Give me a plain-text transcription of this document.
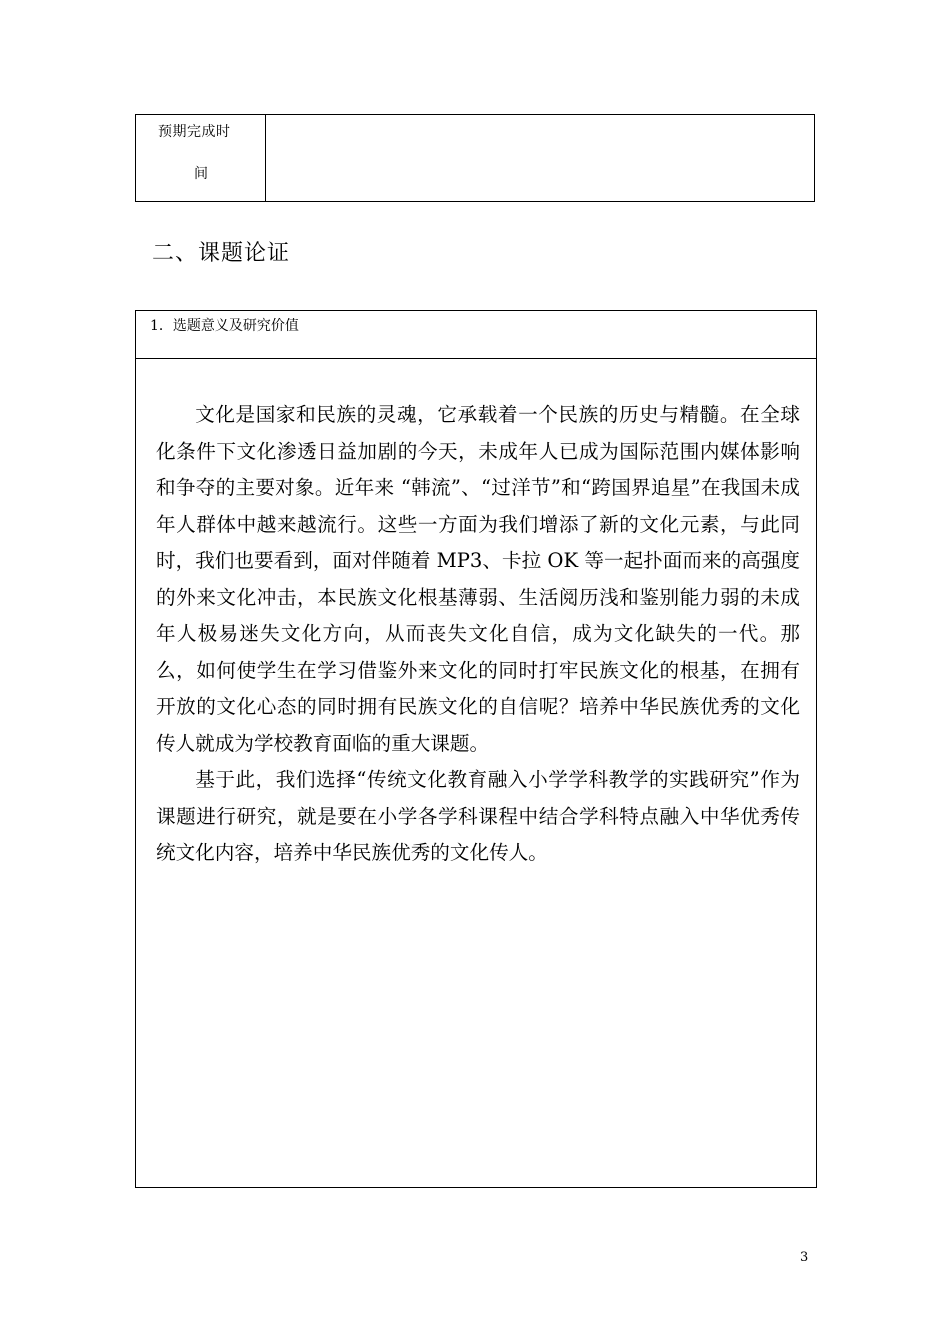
预期完成时
间
二、课题论证
1．选题意义及研究价值

文化是国家和民族的灵魂，它承载着一个民族的历史与精髓。在全球化条件下文化渗透日益加剧的今天，未成年人已成为国际范围内媒体影响和争夺的主要对象。近年来 “韩流”、“过洋节”和“跨国界追星”在我国未成年人群体中越来越流行。这些一方面为我们增添了新的文化元素，与此同时，我们也要看到，面对伴随着 MP3、卡拉 OK 等一起扑面而来的高强度的外来文化冲击，本民族文化根基薄弱、生活阅历浅和鉴别能力弱的未成年人极易迷失文化方向，从而丧失文化自信，成为文化缺失的一代。那么，如何使学生在学习借鉴外来文化的同时打牢民族文化的根基，在拥有开放的文化心态的同时拥有民族文化的自信呢？培养中华民族优秀的文化传人就成为学校教育面临的重大课题。

基于此，我们选择“传统文化教育融入小学学科教学的实践研究”作为课题进行研究，就是要在小学各学科课程中结合学科特点融入中华优秀传统文化内容，培养中华民族优秀的文化传人。

3
